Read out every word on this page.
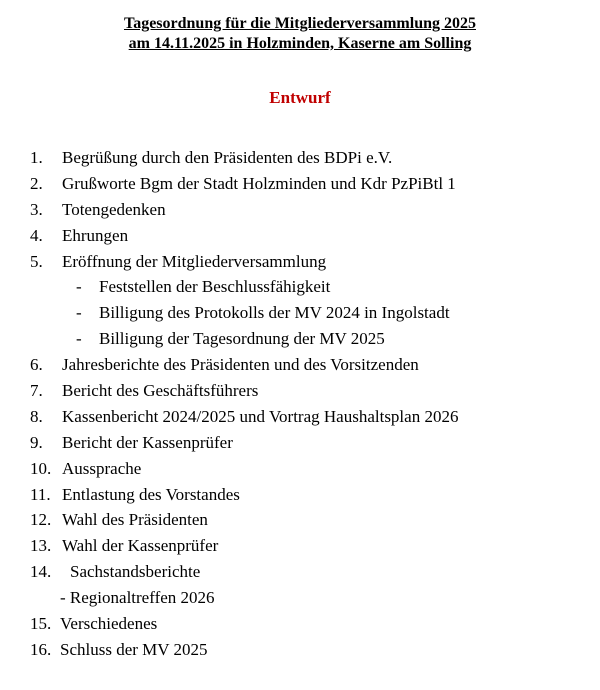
Tagesordnung für die Mitgliederversammlung 2025
am 14.11.2025 in Holzminden, Kaserne am Solling
Entwurf
1. Begrüßung durch den Präsidenten des BDPi e.V.
2. Grußworte Bgm der Stadt Holzminden und Kdr PzPiBtl 1
3. Totengedenken
4. Ehrungen
5. Eröffnung der Mitgliederversammlung
- Feststellen der Beschlussfähigkeit
- Billigung des Protokolls der MV 2024 in Ingolstadt
- Billigung der Tagesordnung der MV 2025
6. Jahresberichte des Präsidenten und des Vorsitzenden
7. Bericht des Geschäftsführers
8. Kassenbericht 2024/2025 und Vortrag Haushaltsplan 2026
9. Bericht der Kassenprüfer
10. Aussprache
11. Entlastung des Vorstandes
12. Wahl des Präsidenten
13. Wahl der Kassenprüfer
14. Sachstandsberichte
- Regionaltreffen 2026
15. Verschiedenes
16. Schluss der MV 2025
